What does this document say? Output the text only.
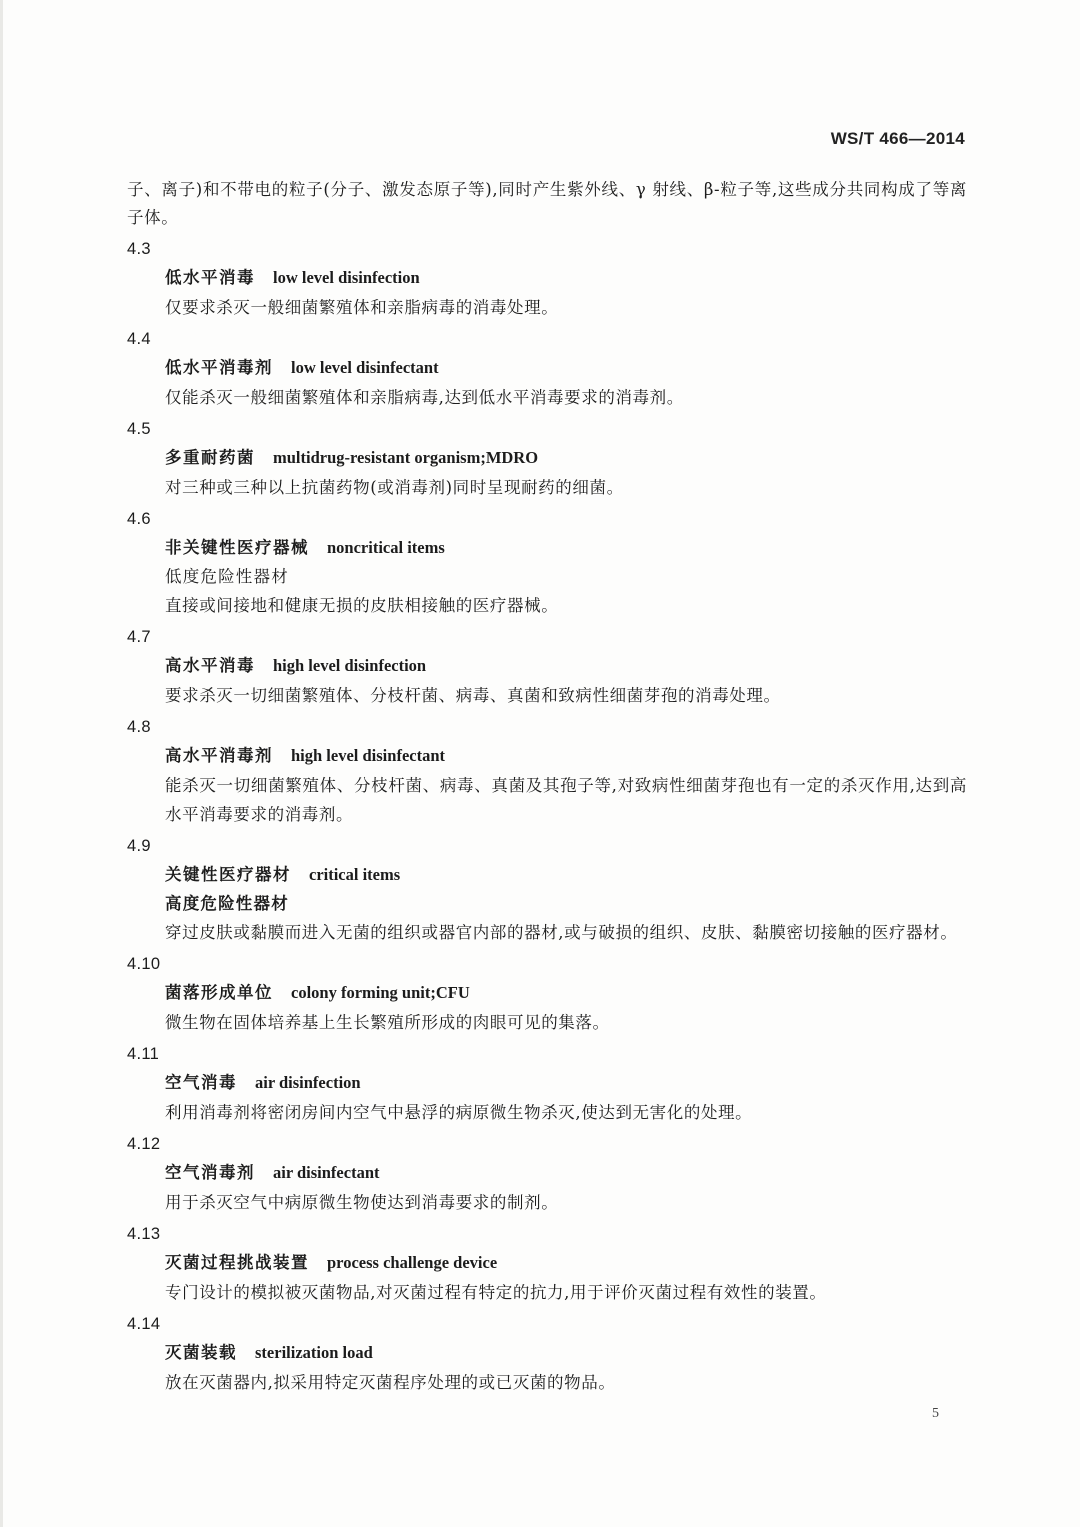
WS/T 466—2014
子、离子)和不带电的粒子(分子、激发态原子等),同时产生紫外线、γ 射线、β-粒子等,这些成分共同构成了等离子体。
4.3
低水平消毒 low level disinfection
仅要求杀灭一般细菌繁殖体和亲脂病毒的消毒处理。
4.4
低水平消毒剂 low level disinfectant
仅能杀灭一般细菌繁殖体和亲脂病毒,达到低水平消毒要求的消毒剂。
4.5
多重耐药菌 multidrug-resistant organism;MDRO
对三种或三种以上抗菌药物(或消毒剂)同时呈现耐药的细菌。
4.6
非关键性医疗器械 noncritical items
低度危险性器材
直接或间接地和健康无损的皮肤相接触的医疗器械。
4.7
高水平消毒 high level disinfection
要求杀灭一切细菌繁殖体、分枝杆菌、病毒、真菌和致病性细菌芽孢的消毒处理。
4.8
高水平消毒剂 high level disinfectant
能杀灭一切细菌繁殖体、分枝杆菌、病毒、真菌及其孢子等,对致病性细菌芽孢也有一定的杀灭作用,达到高水平消毒要求的消毒剂。
4.9
关键性医疗器材 critical items
高度危险性器材
穿过皮肤或黏膜而进入无菌的组织或器官内部的器材,或与破损的组织、皮肤、黏膜密切接触的医疗器材。
4.10
菌落形成单位 colony forming unit;CFU
微生物在固体培养基上生长繁殖所形成的肉眼可见的集落。
4.11
空气消毒 air disinfection
利用消毒剂将密闭房间内空气中悬浮的病原微生物杀灭,使达到无害化的处理。
4.12
空气消毒剂 air disinfectant
用于杀灭空气中病原微生物使达到消毒要求的制剂。
4.13
灭菌过程挑战装置 process challenge device
专门设计的模拟被灭菌物品,对灭菌过程有特定的抗力,用于评价灭菌过程有效性的装置。
4.14
灭菌装载 sterilization load
放在灭菌器内,拟采用特定灭菌程序处理的或已灭菌的物品。
5
